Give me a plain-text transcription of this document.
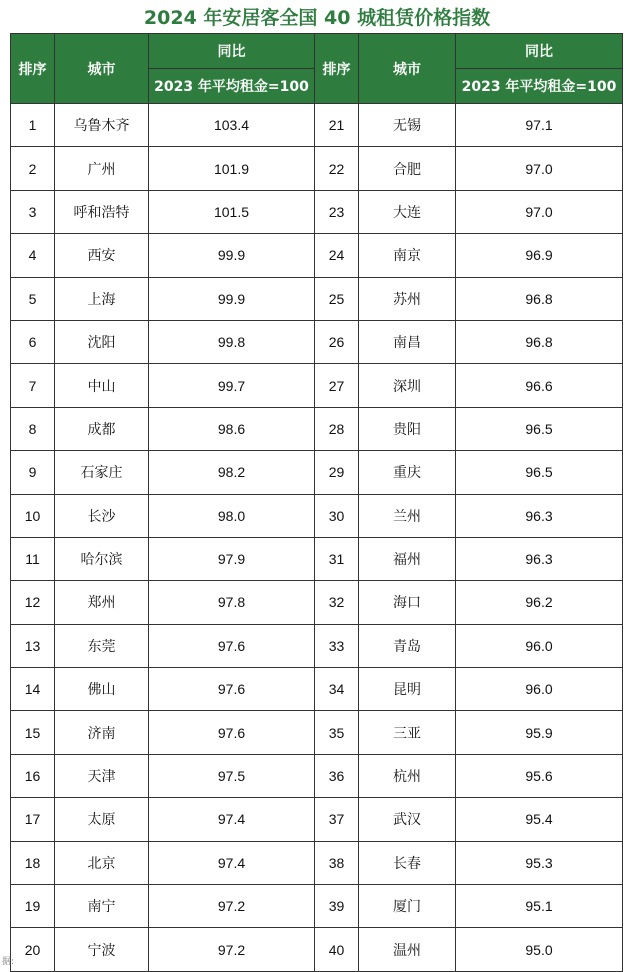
2024 年安居客全国 40 城租赁价格指数
排序	城市	同比	排序	城市	同比
		2023 年平均租金=100			2023 年平均租金=100
1	乌鲁木齐	103.4	21	无锡	97.1
2	广州	101.9	22	合肥	97.0
3	呼和浩特	101.5	23	大连	97.0
4	西安	99.9	24	南京	96.9
5	上海	99.9	25	苏州	96.8
6	沈阳	99.8	26	南昌	96.8
7	中山	99.7	27	深圳	96.6
8	成都	98.6	28	贵阳	96.5
9	石家庄	98.2	29	重庆	96.5
10	长沙	98.0	30	兰州	96.3
11	哈尔滨	97.9	31	福州	96.3
12	郑州	97.8	32	海口	96.2
13	东莞	97.6	33	青岛	96.0
14	佛山	97.6	34	昆明	96.0
15	济南	97.6	35	三亚	95.9
16	天津	97.5	36	杭州	95.6
17	太原	97.4	37	武汉	95.4
18	北京	97.4	38	长春	95.3
19	南宁	97.2	39	厦门	95.1
20	宁波	97.2	40	温州	95.0
据:
